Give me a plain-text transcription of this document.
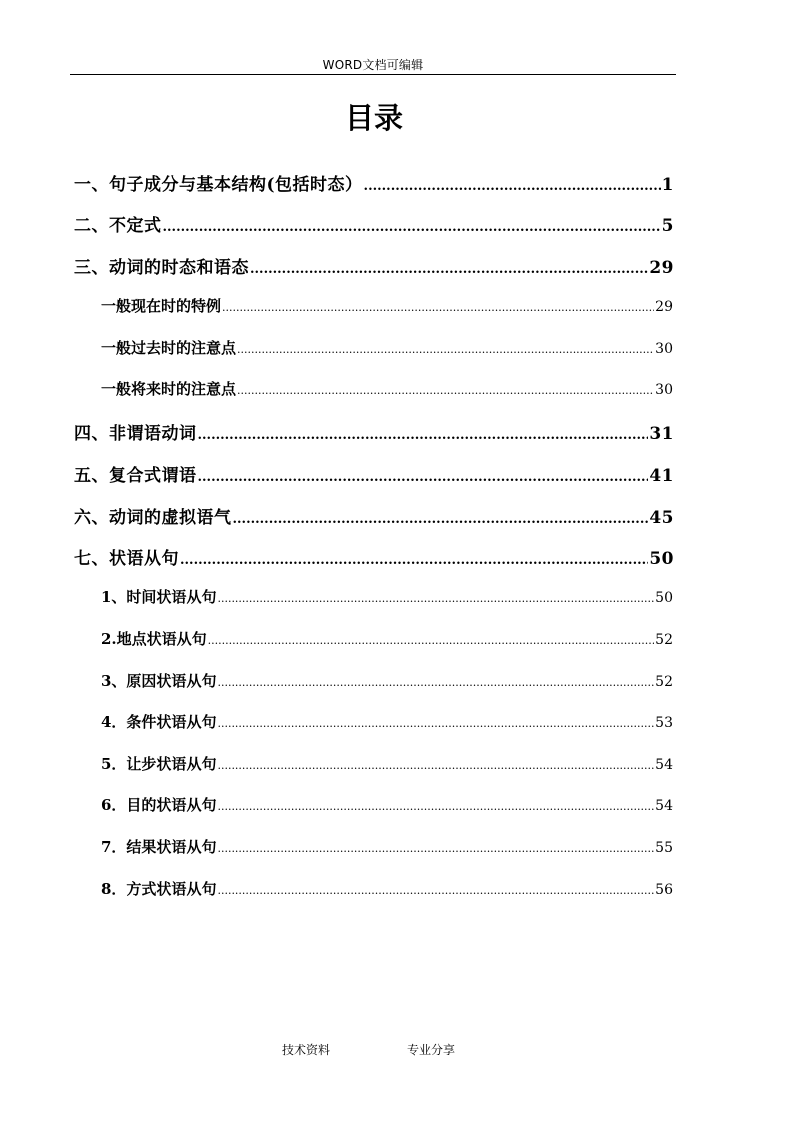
WORD文档可编辑
目录
一、句子成分与基本结构(包括时态） .....	1
二、不定式 .....	5
三、动词的时态和语态 .....	29
一般现在时的特例 .....	29
一般过去时的注意点 .....	30
一般将来时的注意点 .....	30
四、非谓语动词 .....	31
五、复合式谓语 .....	41
六、动词的虚拟语气 .....	45
七、状语从句 .....	50
1、时间状语从句 .....	50
2.地点状语从句 .....	52
3、原因状语从句 .....	52
4．条件状语从句 .....	53
5．让步状语从句 .....	54
6．目的状语从句 .....	54
7．结果状语从句 .....	55
8．方式状语从句 .....	56
技术资料	专业分享
